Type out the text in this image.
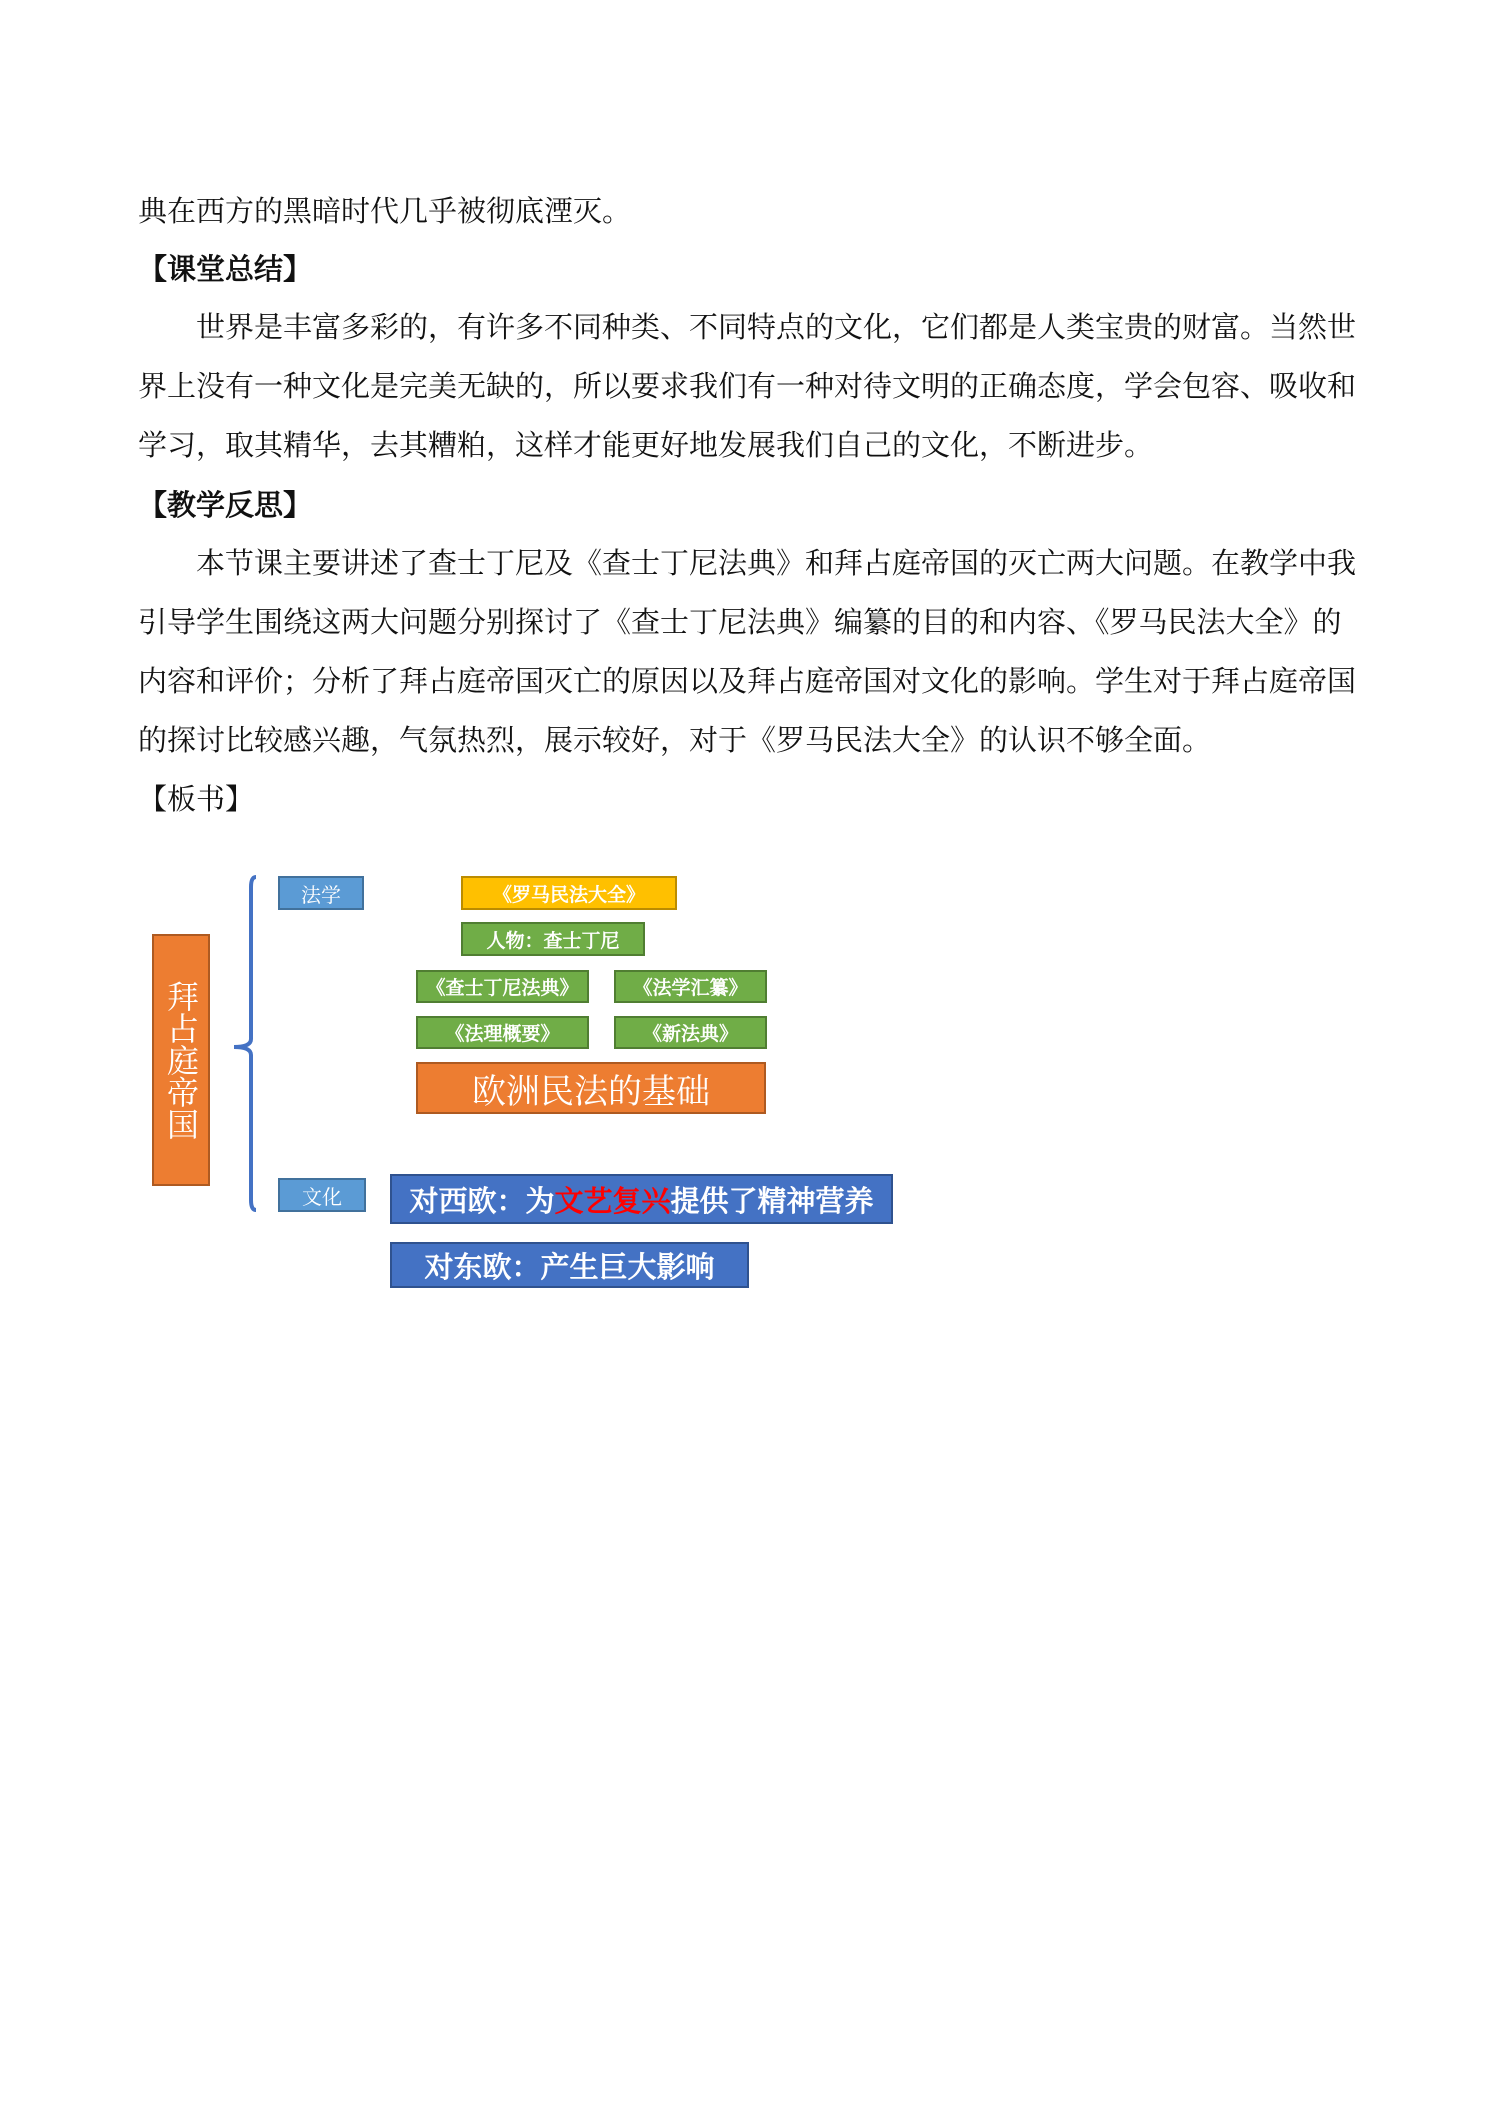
典在西方的黑暗时代几乎被彻底湮灭。

【课堂总结】

世界是丰富多彩的，有许多不同种类、不同特点的文化，它们都是人类宝贵的财富。当然世界上没有一种文化是完美无缺的，所以要求我们有一种对待文明的正确态度，学会包容、吸收和学习，取其精华，去其糟粕，这样才能更好地发展我们自己的文化，不断进步。

【教学反思】

本节课主要讲述了查士丁尼及《查士丁尼法典》和拜占庭帝国的灭亡两大问题。在教学中我引导学生围绕这两大问题分别探讨了《查士丁尼法典》编纂的目的和内容、《罗马民法大全》的内容和评价；分析了拜占庭帝国灭亡的原因以及拜占庭帝国对文化的影响。学生对于拜占庭帝国的探讨比较感兴趣，气氛热烈，展示较好，对于《罗马民法大全》的认识不够全面。

【板书】
拜占庭帝国
法学
文化
《罗马民法大全》
人物：查士丁尼
《查士丁尼法典》	《法学汇纂》
《法理概要》	《新法典》
欧洲民法的基础
对西欧：为 文艺复兴 提供了精神营养
对东欧：产生巨大影响
